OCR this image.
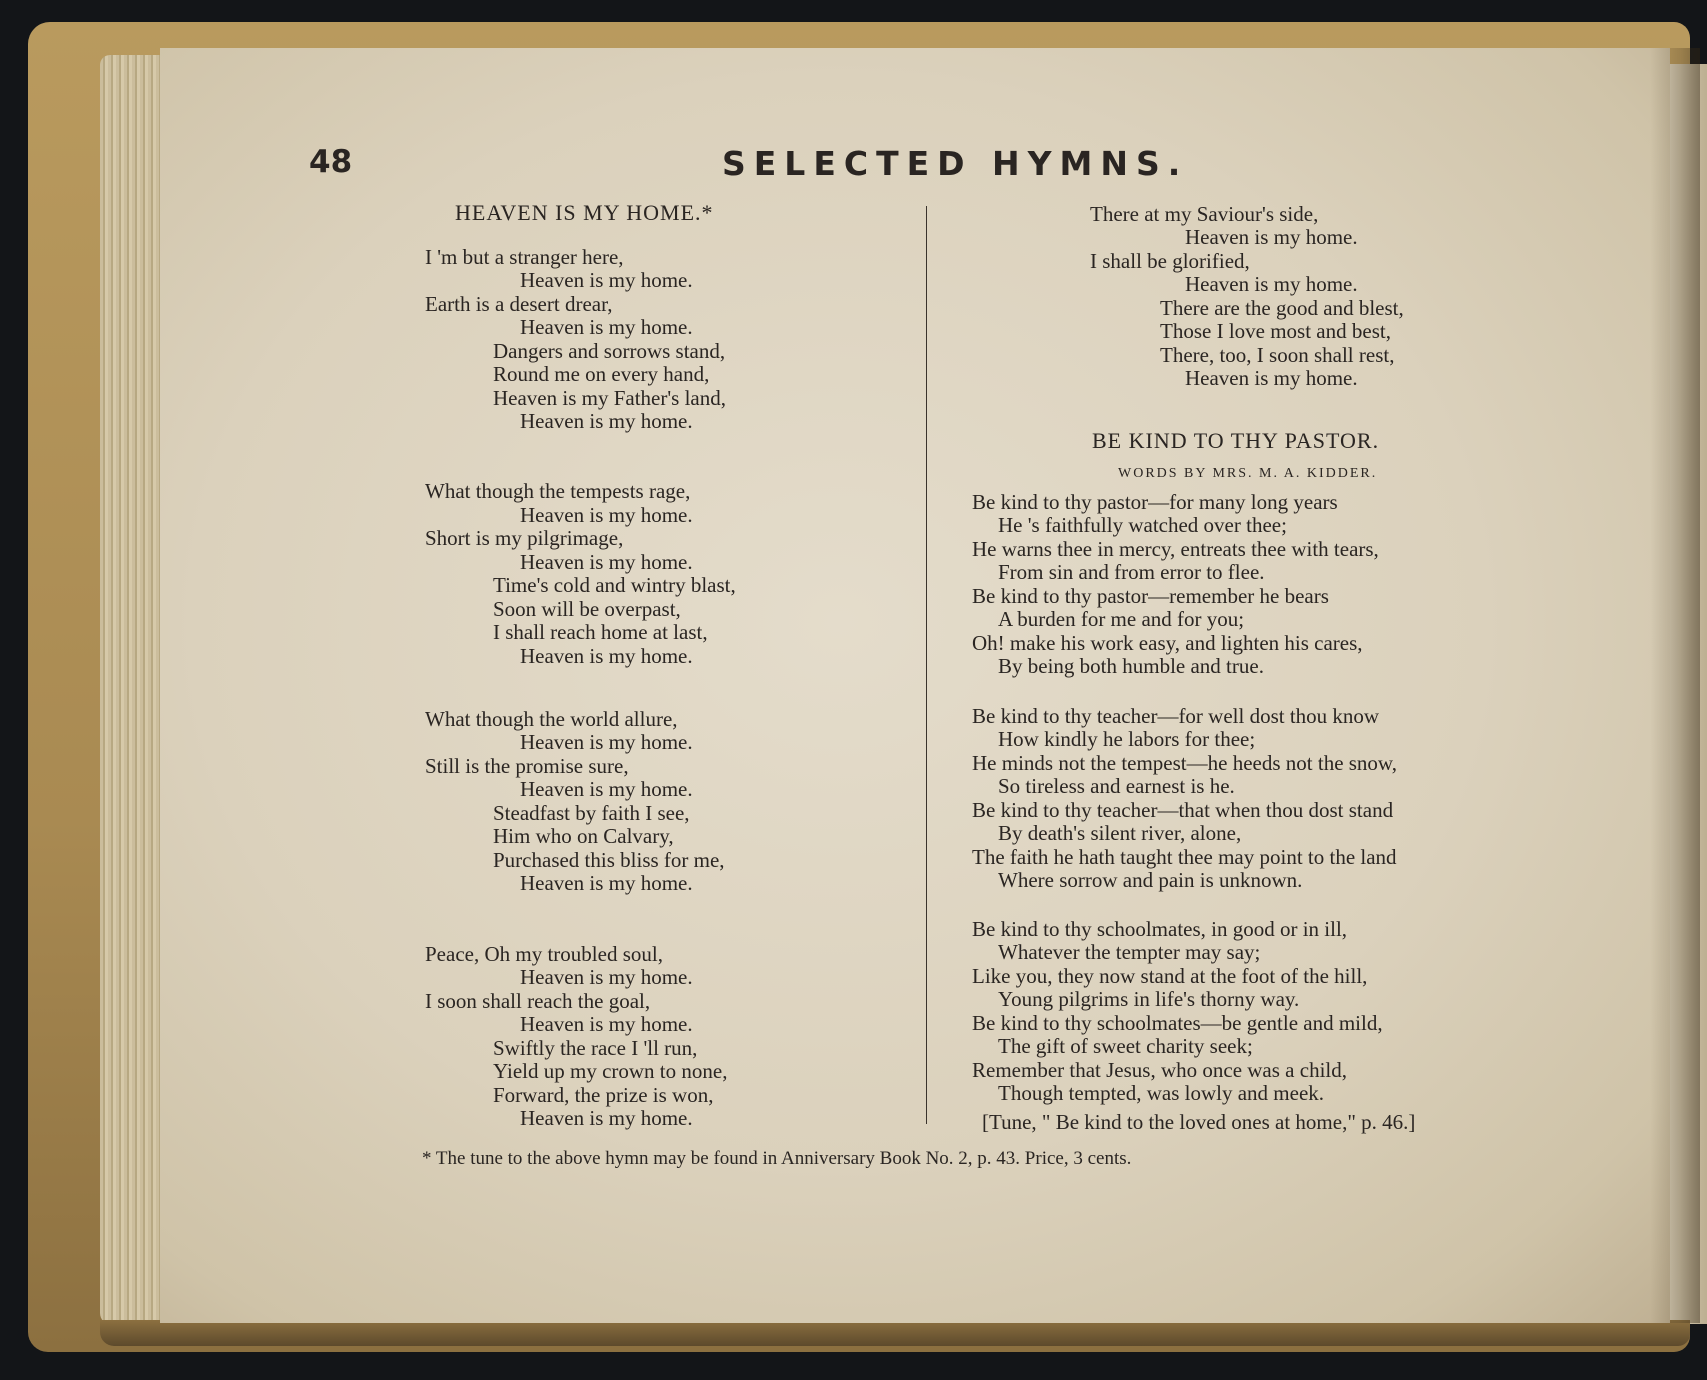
48	SELECTED HYMNS.
HEAVEN IS MY HOME.*
I 'm but a stranger here,
Heaven is my home.
Earth is a desert drear,
Heaven is my home.
Dangers and sorrows stand,
Round me on every hand,
Heaven is my Father's land,
Heaven is my home.
What though the tempests rage,
Heaven is my home.
Short is my pilgrimage,
Heaven is my home.
Time's cold and wintry blast,
Soon will be overpast,
I shall reach home at last,
Heaven is my home.
What though the world allure,
Heaven is my home.
Still is the promise sure,
Heaven is my home.
Steadfast by faith I see,
Him who on Calvary,
Purchased this bliss for me,
Heaven is my home.
Peace, Oh my troubled soul,
Heaven is my home.
I soon shall reach the goal,
Heaven is my home.
Swiftly the race I 'll run,
Yield up my crown to none,
Forward, the prize is won,
Heaven is my home.
There at my Saviour's side,
Heaven is my home.
I shall be glorified,
Heaven is my home.
There are the good and blest,
Those I love most and best,
There, too, I soon shall rest,
Heaven is my home.
BE KIND TO THY PASTOR.
WORDS BY MRS. M. A. KIDDER.
Be kind to thy pastor—for many long years
He 's faithfully watched over thee;
He warns thee in mercy, entreats thee with tears,
From sin and from error to flee.
Be kind to thy pastor—remember he bears
A burden for me and for you;
Oh! make his work easy, and lighten his cares,
By being both humble and true.
Be kind to thy teacher—for well dost thou know
How kindly he labors for thee;
He minds not the tempest—he heeds not the snow,
So tireless and earnest is he.
Be kind to thy teacher—that when thou dost stand
By death's silent river, alone,
The faith he hath taught thee may point to the land
Where sorrow and pain is unknown.
Be kind to thy schoolmates, in good or in ill,
Whatever the tempter may say;
Like you, they now stand at the foot of the hill,
Young pilgrims in life's thorny way.
Be kind to thy schoolmates—be gentle and mild,
The gift of sweet charity seek;
Remember that Jesus, who once was a child,
Though tempted, was lowly and meek.
[Tune, " Be kind to the loved ones at home," p. 46.]
* The tune to the above hymn may be found in Anniversary Book No. 2, p. 43. Price, 3 cents.
